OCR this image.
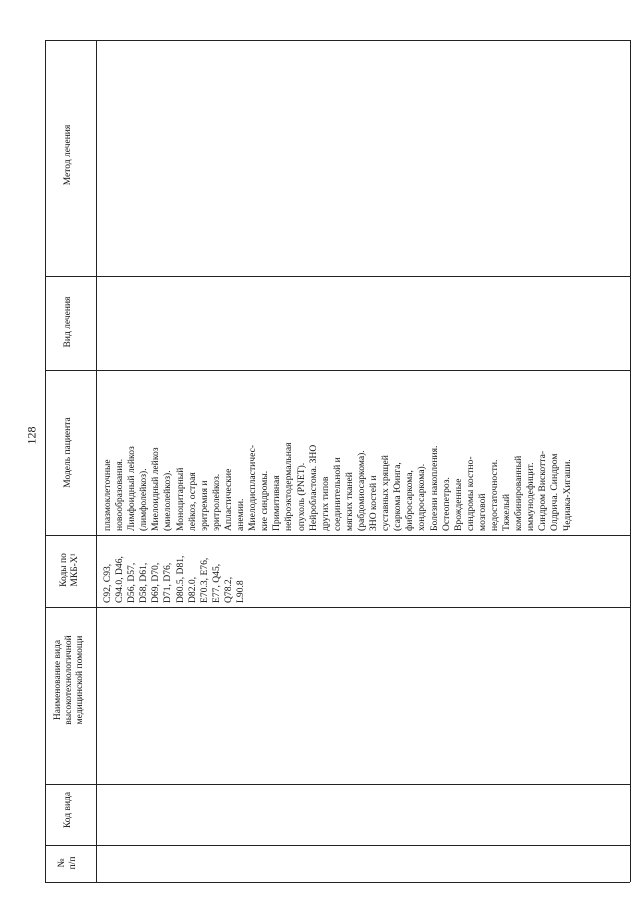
128
Метод лечения
Вид лечения
Модель пациента
Коды по
МКБ-Х¹
Наименование вида
высокотехнологичной
медицинской помощи
Код вида
№
п/п
C92, C93,
C94.0, D46,
D56, D57,
D58, D61,
D69, D70,
D71, D76,
D80.5, D81,
D82.0,
E70.3, E76,
E77, Q45,
Q78.2,
L90.8
плазмоклеточные
новообразования.
Лимфоидный лейкоз
(лимфолейкоз).
Миелоидный лейкоз
(миелолейкоз).
Моноцитарный
лейкоз, острая
эритремия и
эритролейкоз.
Апластические
анемии.
Миелодиспластичес-
кие синдромы.
Примитивная
нейроэктодермальная
опухоль (PNET).
Нейробластома. ЗНО
других типов
соединительной и
мягких тканей
(рабдомиосаркома).
ЗНО костей и
суставных хрящей
(саркома Юинга,
фибросаркома,
хондросаркома).
Болезни накопления.
Остеопетроз.
Врожденные
синдромы костно-
мозговой
недостаточности.
Тяжелый
комбинированный
иммунодефицит.
Синдром Вискотта-
Олдрича. Синдром
Чедиака-Хигаши.
